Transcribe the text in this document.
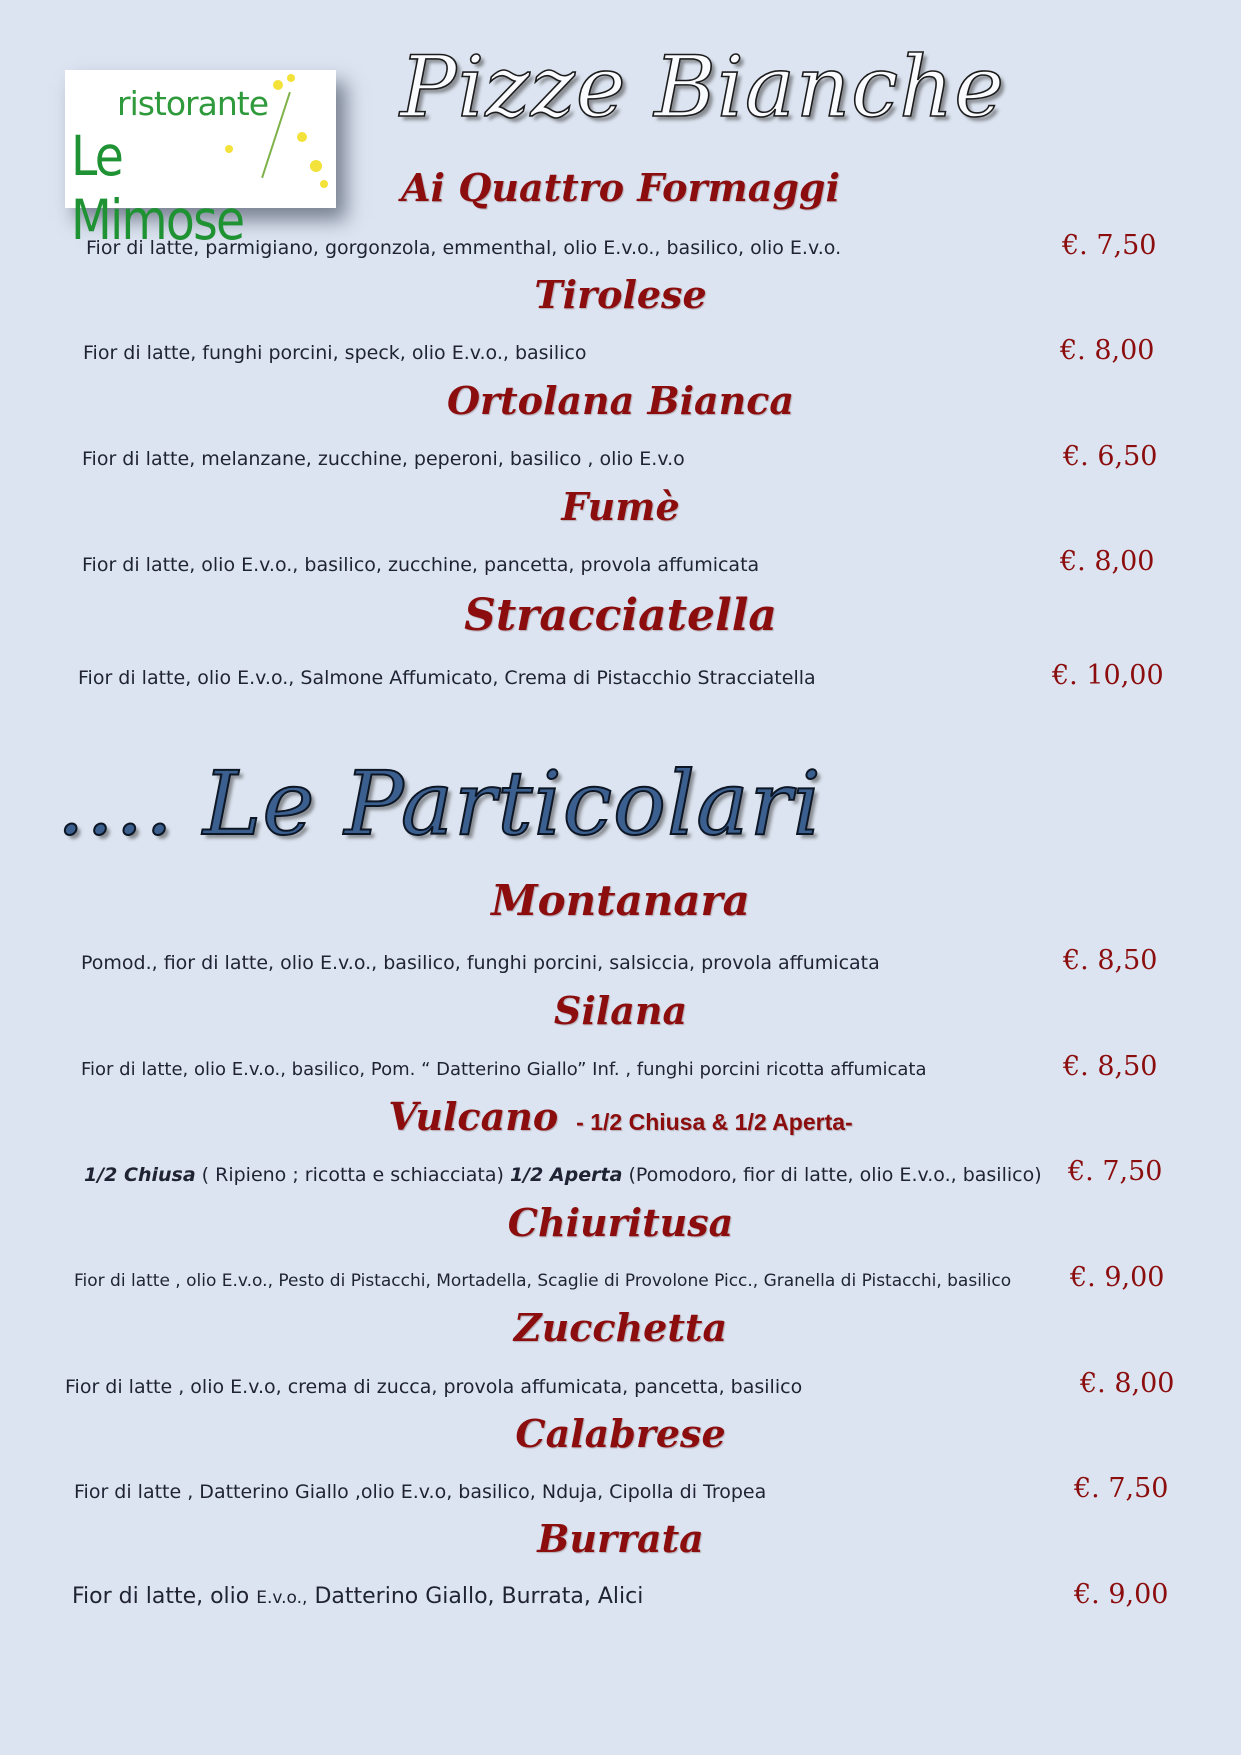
ristorante
Le Mimose
Pizze Bianche
Ai Quattro Formaggi
Fior di latte, parmigiano, gorgonzola, emmenthal, olio E.v.o., basilico, olio E.v.o.	€. 7,50
Tirolese
Fior di latte, funghi porcini, speck, olio E.v.o., basilico	€. 8,00
Ortolana Bianca
Fior di latte, melanzane, zucchine, peperoni, basilico , olio E.v.o	€. 6,50
Fumè
Fior di latte, olio E.v.o., basilico, zucchine, pancetta, provola affumicata	€. 8,00
Stracciatella
Fior di latte, olio E.v.o., Salmone Affumicato, Crema di Pistacchio Stracciatella	€. 10,00
…. Le Particolari
Montanara
Pomod., fior di latte, olio E.v.o., basilico, funghi porcini, salsiccia, provola affumicata	€. 8,50
Silana
Fior di latte, olio E.v.o., basilico, Pom. “ Datterino Giallo” Inf. , funghi porcini ricotta affumicata	€. 8,50
Vulcano - 1/2 Chiusa & 1/2 Aperta-
1/2 Chiusa ( Ripieno ; ricotta e schiacciata) 1/2 Aperta (Pomodoro, fior di latte, olio E.v.o., basilico) €. 7,50
Chiuritusa
Fior di latte , olio E.v.o., Pesto di Pistacchi, Mortadella, Scaglie di Provolone Picc., Granella di Pistacchi, basilico €. 9,00
Zucchetta
Fior di latte , olio E.v.o, crema di zucca, provola affumicata, pancetta, basilico	€. 8,00
Calabrese
Fior di latte , Datterino Giallo ,olio E.v.o, basilico, Nduja, Cipolla di Tropea	€. 7,50
Burrata
Fior di latte, olio E.v.o., Datterino Giallo, Burrata, Alici	€. 9,00
